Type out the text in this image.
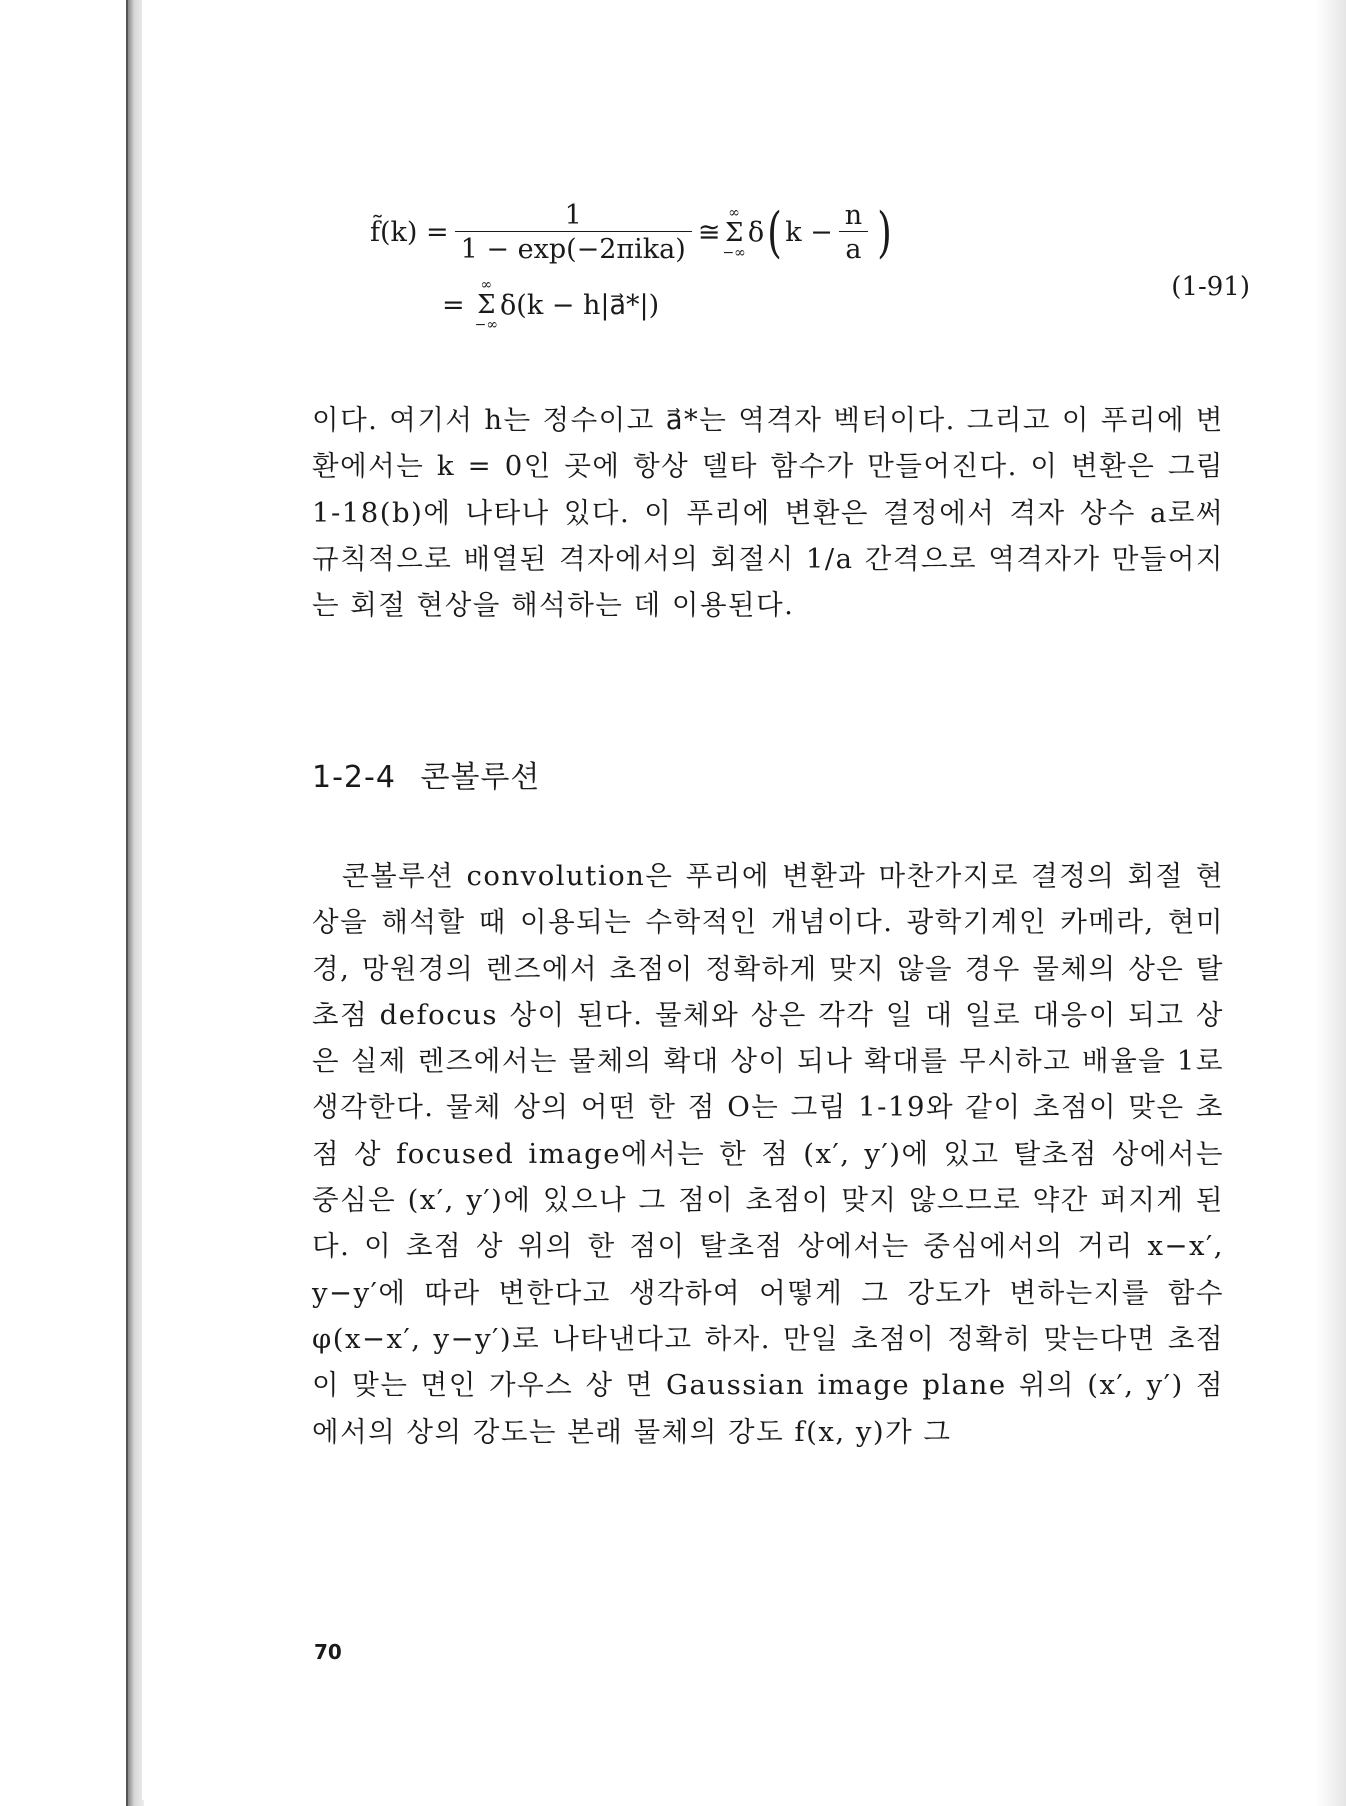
f̃(k) = $\frac{1}{\text{1 − exp(−2πika)}}$ ≅
∞
Σ
−∞
δ ( $k - \frac{n}{a}$ )
=
∞
Σ
−∞
δ(k − h|a⃗*|)
(1-91)

이다. 여기서 h는 정수이고 a⃗*는 역격자 벡터이다. 그리고 이 푸리에 변환에서는 k = 0인 곳에 항상 델타 함수가 만들어진다. 이 변환은 그림 1-18(b)에 나타나 있다. 이 푸리에 변환은 결정에서 격자 상수 a로써 규칙적으로 배열된 격자에서의 회절시 1/a 간격으로 역격자가 만들어지는 회절 현상을 해석하는 데 이용된다.

1-2-4 콘볼루션

콘볼루션 convolution은 푸리에 변환과 마찬가지로 결정의 회절 현상을 해석할 때 이용되는 수학적인 개념이다. 광학기계인 카메라, 현미경, 망원경의 렌즈에서 초점이 정확하게 맞지 않을 경우 물체의 상은 탈초점 defocus 상이 된다. 물체와 상은 각각 일 대 일로 대응이 되고 상은 실제 렌즈에서는 물체의 확대 상이 되나 확대를 무시하고 배율을 1로 생각한다. 물체 상의 어떤 한 점 O는 그림 1-19와 같이 초점이 맞은 초점 상 focused image에서는 한 점 (x′, y′)에 있고 탈초점 상에서는 중심은 (x′, y′)에 있으나 그 점이 초점이 맞지 않으므로 약간 퍼지게 된다. 이 초점 상 위의 한 점이 탈초점 상에서는 중심에서의 거리 x−x′, y−y′에 따라 변한다고 생각하여 어떻게 그 강도가 변하는지를 함수 φ(x−x′, y−y′)로 나타낸다고 하자. 만일 초점이 정확히 맞는다면 초점이 맞는 면인 가우스 상 면 Gaussian image plane 위의 (x′, y′) 점에서의 상의 강도는 본래 물체의 강도 f(x, y)가 그

70
